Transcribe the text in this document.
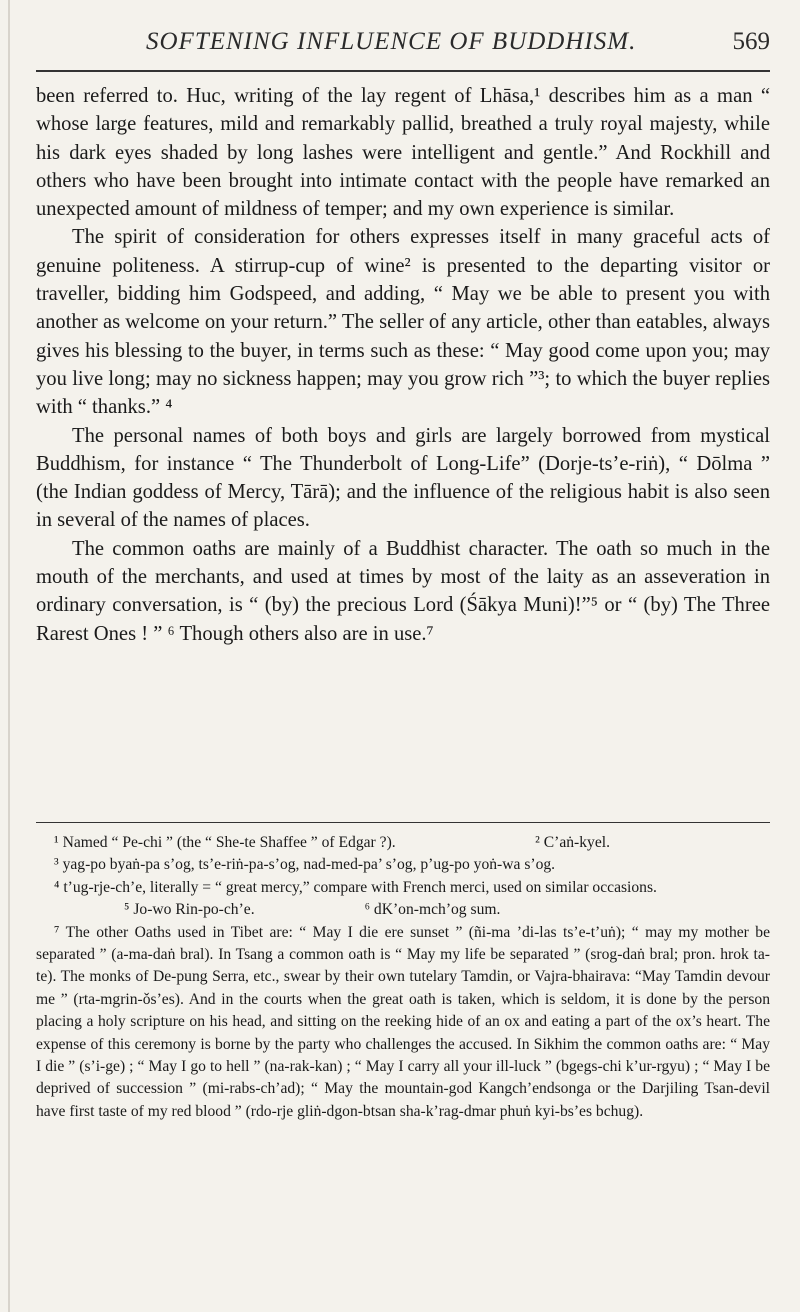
SOFTENING INFLUENCE OF BUDDHISM.	569

been referred to. Huc, writing of the lay regent of Lhāsa,¹ describes him as a man “ whose large features, mild and remarkably pallid, breathed a truly royal majesty, while his dark eyes shaded by long lashes were intelligent and gentle.” And Rockhill and others who have been brought into intimate contact with the people have remarked an unexpected amount of mildness of temper; and my own experience is similar.

The spirit of consideration for others expresses itself in many graceful acts of genuine politeness. A stirrup-cup of wine² is presented to the departing visitor or traveller, bidding him Godspeed, and adding, “ May we be able to present you with another as welcome on your return.” The seller of any article, other than eatables, always gives his blessing to the buyer, in terms such as these: “ May good come upon you; may you live long; may no sickness happen; may you grow rich ”³; to which the buyer replies with “ thanks.” ⁴

The personal names of both boys and girls are largely borrowed from mystical Buddhism, for instance “ The Thunderbolt of Long-Life” (Dorje-ts’e-riṅ), “ Dōlma ” (the Indian goddess of Mercy, Tārā); and the influence of the religious habit is also seen in several of the names of places.

The common oaths are mainly of a Buddhist character. The oath so much in the mouth of the merchants, and used at times by most of the laity as an asseveration in ordinary conversation, is “ (by) the precious Lord (Śākya Muni)!”⁵ or “ (by) The Three Rarest Ones ! ” ⁶ Though others also are in use.⁷

¹ Named “ Pe-chi ” (the “ She-te Shaffee ” of Edgar ?).	² C’aṅ-kyel.

³ yag-po byaṅ-pa s’og, ts’e-riṅ-pa-s’og, nad-med-pa’ s’og, p’ug-po yoṅ-wa s’og.

⁴ t’ug-rje-ch’e, literally = “ great mercy,” compare with French merci, used on similar occasions.

⁵ Jo-wo Rin-po-ch’e.	⁶ dK’on-mch’og sum.

⁷ The other Oaths used in Tibet are: “ May I die ere sunset ” (ñi-ma ’di-las ts’e-t’uṅ); “ may my mother be separated ” (a-ma-daṅ bral). In Tsang a common oath is “ May my life be separated ” (srog-daṅ bral; pron. hrok ta-te). The monks of De-pung Serra, etc., swear by their own tutelary Tamdin, or Vajra-bhairava: “May Tamdin devour me ” (rta-mgrin-ǒs’es). And in the courts when the great oath is taken, which is seldom, it is done by the person placing a holy scripture on his head, and sitting on the reeking hide of an ox and eating a part of the ox’s heart. The expense of this ceremony is borne by the party who challenges the accused. In Sikhim the common oaths are: “ May I die ” (s’i-ge) ; “ May I go to hell ” (na-rak-kan) ; “ May I carry all your ill-luck ” (bgegs-chi k’ur-rgyu) ; “ May I be deprived of succession ” (mi-rabs-ch’ad); “ May the mountain-god Kangch’endsonga or the Darjiling Tsan-devil have first taste of my red blood ” (rdo-rje gliṅ-dgon-btsan sha-k’rag-dmar phuṅ kyi-bs’es bchug).
